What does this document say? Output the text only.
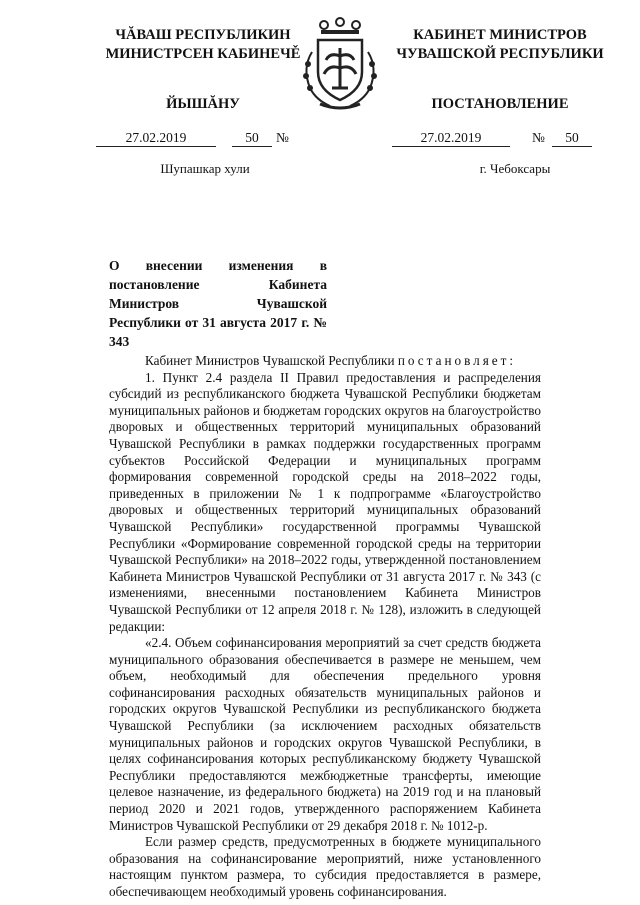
ЧĂВАШ РЕСПУБЛИКИН
МИНИСТРСЕН КАБИНЕЧĚ
ЙЫШĂНУ
КАБИНЕТ МИНИСТРОВ
ЧУВАШСКОЙ РЕСПУБЛИКИ
ПОСТАНОВЛЕНИЕ
27.02.2019	50	№	27.02.2019	№	50
Шупашкар хули	г. Чебоксары
О внесении изменения в постановление Кабинета Министров Чувашской Республики от 31 августа 2017 г. № 343

Кабинет Министров Чувашской Республики постановляет:

1. Пункт 2.4 раздела II Правил предоставления и распределения субсидий из республиканского бюджета Чувашской Республики бюджетам муниципальных районов и бюджетам городских округов на благоустройство дворовых и общественных территорий муниципальных образований Чувашской Республики в рамках поддержки государственных программ субъектов Российской Федерации и муниципальных программ формирования современной городской среды на 2018–2022 годы, приведенных в приложении № 1 к подпрограмме «Благоустройство дворовых и общественных территорий муниципальных образований Чувашской Республики» государственной программы Чувашской Республики «Формирование современной городской среды на территории Чувашской Республики» на 2018–2022 годы, утвержденной постановлением Кабинета Министров Чувашской Республики от 31 августа 2017 г. № 343 (с изменениями, внесенными постановлением Кабинета Министров Чувашской Республики от 12 апреля 2018 г. № 128), изложить в следующей редакции:

«2.4. Объем софинансирования мероприятий за счет средств бюджета муниципального образования обеспечивается в размере не меньшем, чем объем, необходимый для обеспечения предельного уровня софинансирования расходных обязательств муниципальных районов и городских округов Чувашской Республики из республиканского бюджета Чувашской Республики (за исключением расходных обязательств муниципальных районов и городских округов Чувашской Республики, в целях софинансирования которых республиканскому бюджету Чувашской Республики предоставляются межбюджетные трансферты, имеющие целевое назначение, из федерального бюджета) на 2019 год и на плановый период 2020 и 2021 годов, утвержденного распоряжением Кабинета Министров Чувашской Республики от 29 декабря 2018 г. № 1012-р.

Если размер средств, предусмотренных в бюджете муниципального образования на софинансирование мероприятий, ниже установленного настоящим пунктом размера, то субсидия предоставляется в размере, обеспечивающем необходимый уровень софинансирования.
